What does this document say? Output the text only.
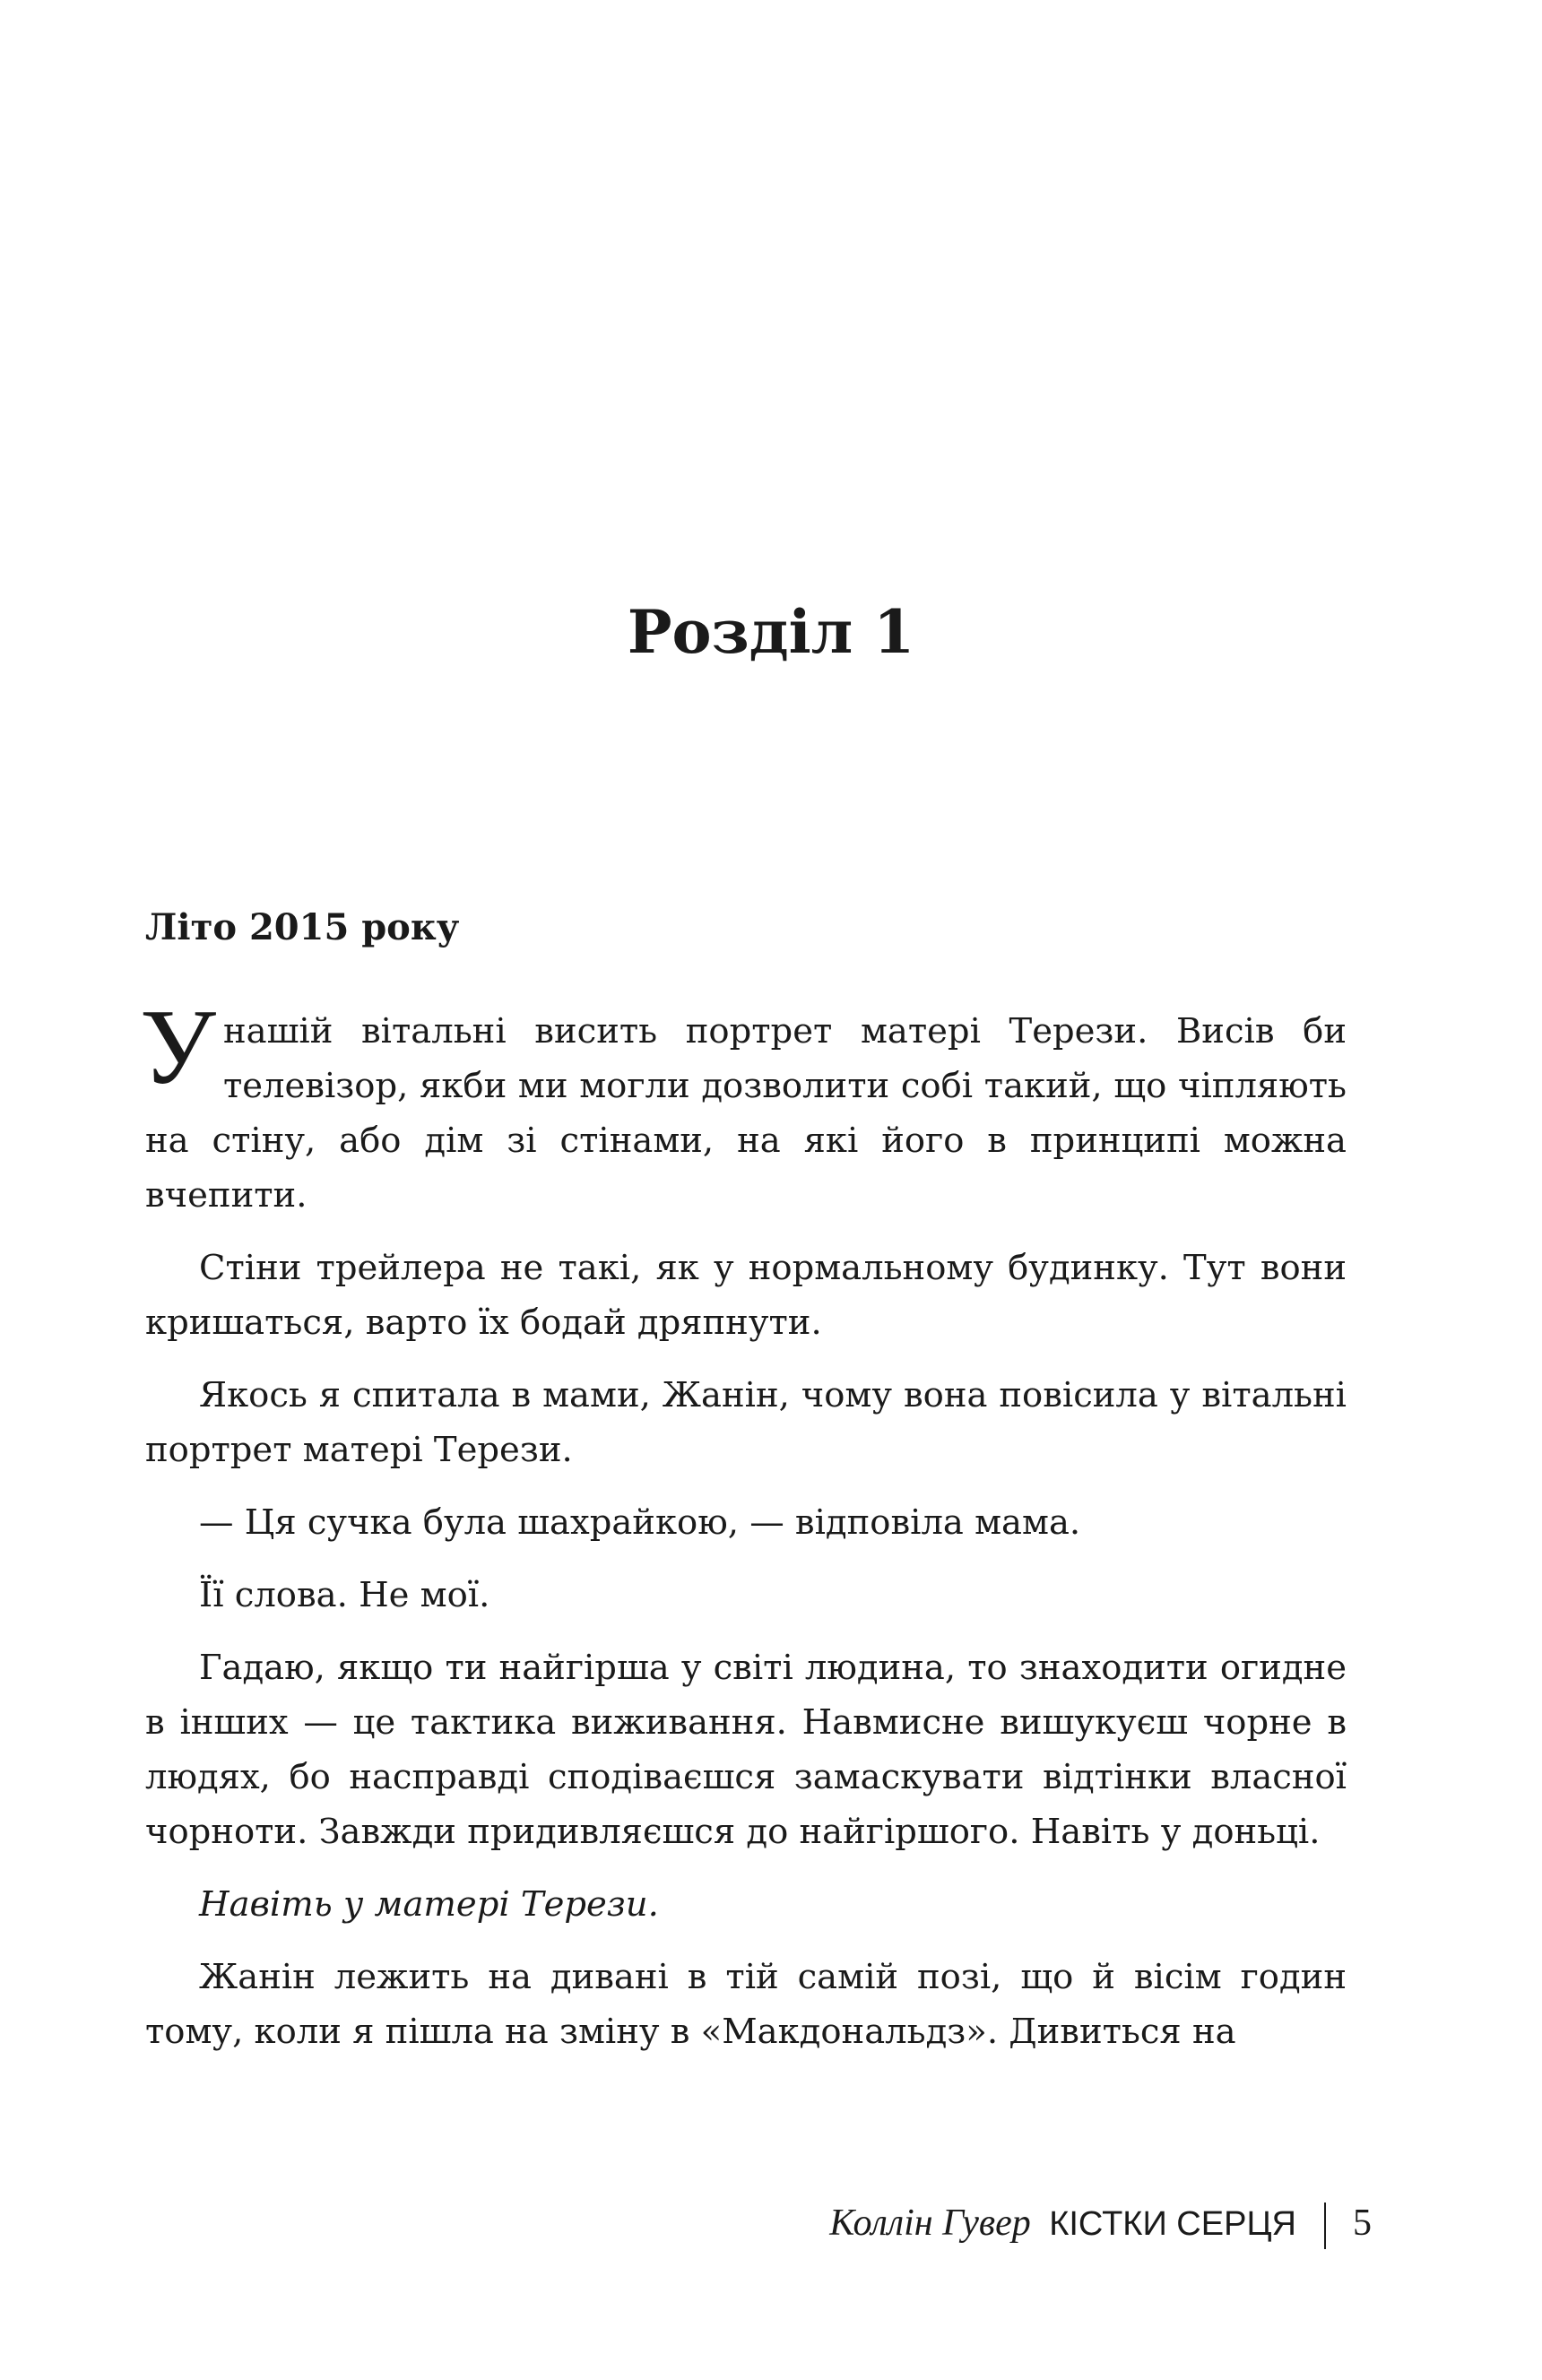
Розділ 1
Літо 2015 року

Унашій вітальні висить портрет матері Терези. Висів би телевізор, якби ми могли дозволити собі такий, що чіпляють на стіну, або дім зі стінами, на які його в принципі можна вчепити.

Стіни трейлера не такі, як у нормальному будинку. Тут вони кришаться, варто їх бодай дряпнути.

Якось я спитала в мами, Жанін, чому вона повісила у вітальні портрет матері Терези.

— Ця сучка була шахрайкою, — відповіла мама.

Її слова. Не мої.

Гадаю, якщо ти найгірша у світі людина, то знаходити огидне в інших — це тактика виживання. Навмисне вишукуєш чорне в людях, бо насправді сподіваєшся замаскувати відтінки власної чорноти. Завжди придивляєшся до найгіршого. Навіть у доньці.

Навіть у матері Терези.

Жанін лежить на дивані в тій самій позі, що й вісім годин тому, коли я пішла на зміну в «Макдональдз». Дивиться на

Коллін Гувер КІСТКИ СЕРЦЯ 5
